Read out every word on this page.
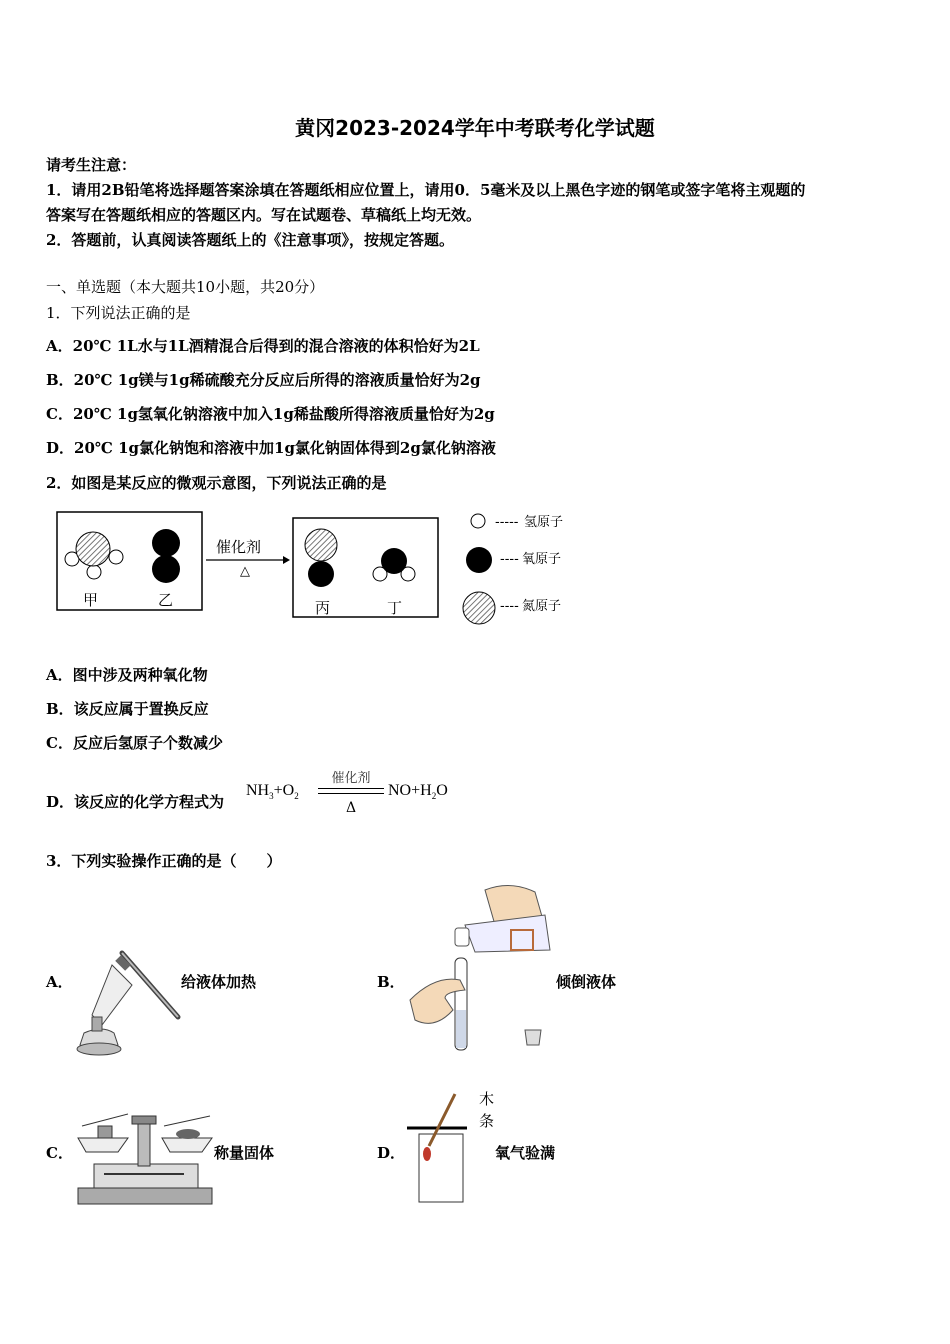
黄冈2023-2024学年中考联考化学试题
请考生注意：
1．请用2B铅笔将选择题答案涂填在答题纸相应位置上，请用0．5毫米及以上黑色字迹的钢笔或签字笔将主观题的
答案写在答题纸相应的答题区内。写在试题卷、草稿纸上均无效。
2．答题前，认真阅读答题纸上的《注意事项》，按规定答题。
一、单选题（本大题共10小题，共20分）
1．下列说法正确的是
A．20℃ 1L水与1L酒精混合后得到的混合溶液的体积恰好为2L
B．20℃ 1g镁与1g稀硫酸充分反应后所得的溶液质量恰好为2g
C．20℃ 1g氢氧化钠溶液中加入1g稀盐酸所得溶液质量恰好为2g
D．20℃ 1g氯化钠饱和溶液中加1g氯化钠固体得到2g氯化钠溶液
2．如图是某反应的微观示意图，下列说法正确的是
甲	乙
催化剂
△
丙	丁
----- 氢原子
---- 氧原子
---- 氮原子
A．图中涉及两种氧化物
B．该反应属于置换反应
C．反应后氢原子个数减少
D．该反应的化学方程式为
$NH_3+O_2$
催化剂
Δ
$NO+H_2O$
3．下列实验操作正确的是（　　）
A．	给液体加热	B．	倾倒液体
C．	称量固体	D．
木
条
氧气验满
